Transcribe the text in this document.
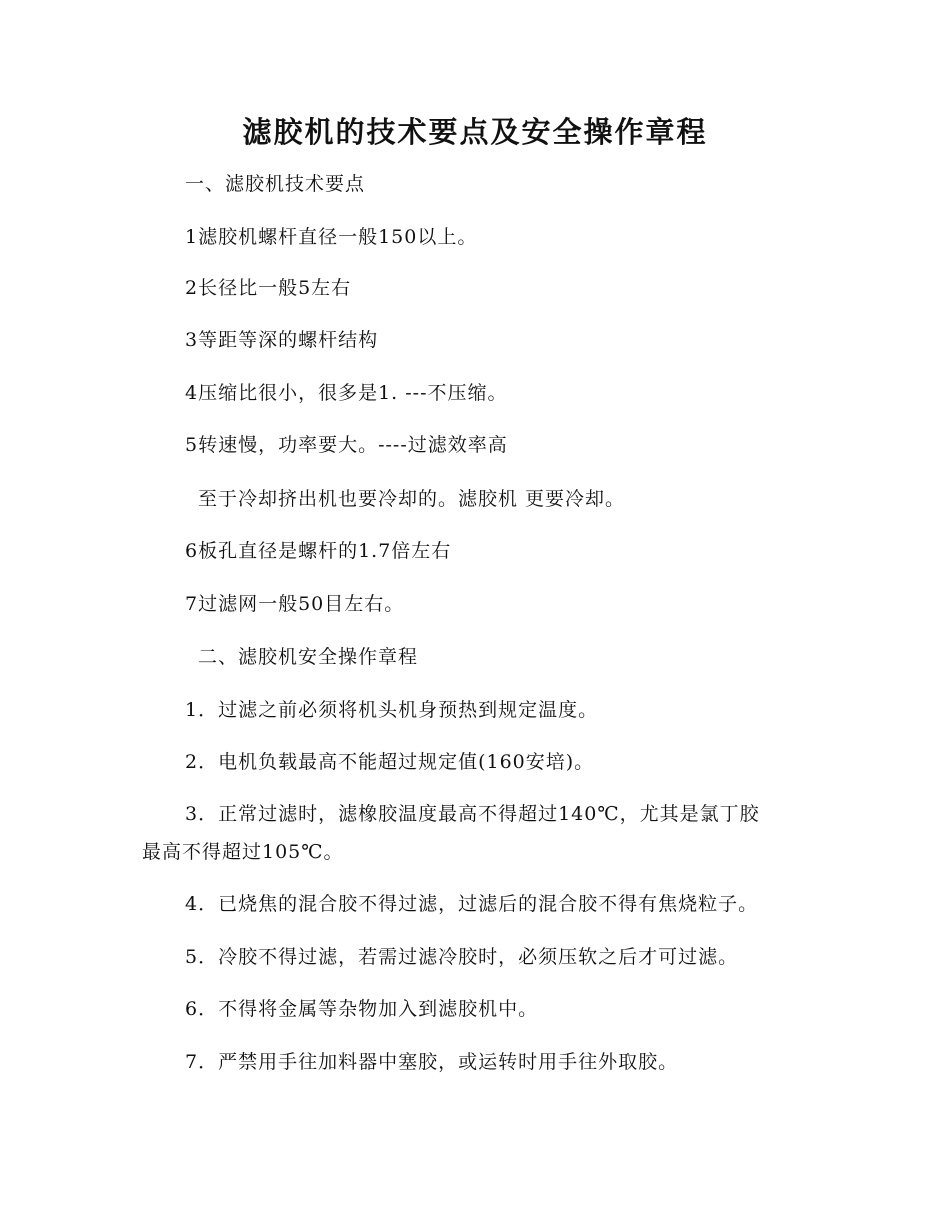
滤胶机的技术要点及安全操作章程
一、滤胶机技术要点
1滤胶机螺杆直径一般150以上。
2长径比一般5左右
3等距等深的螺杆结构
4压缩比很小，很多是1. ---不压缩。
5转速慢，功率要大。----过滤效率高
至于冷却挤出机也要冷却的。滤胶机 更要冷却。
6板孔直径是螺杆的1.7倍左右
7过滤网一般50目左右。
二、滤胶机安全操作章程
1．过滤之前必须将机头机身预热到规定温度。
2．电机负载最高不能超过规定值(160安培)。
3．正常过滤时，滤橡胶温度最高不得超过140℃，尤其是氯丁胶
最高不得超过105℃。
4．已烧焦的混合胶不得过滤，过滤后的混合胶不得有焦烧粒子。
5．冷胶不得过滤，若需过滤冷胶时，必须压软之后才可过滤。
6．不得将金属等杂物加入到滤胶机中。
7．严禁用手往加料器中塞胶，或运转时用手往外取胶。
